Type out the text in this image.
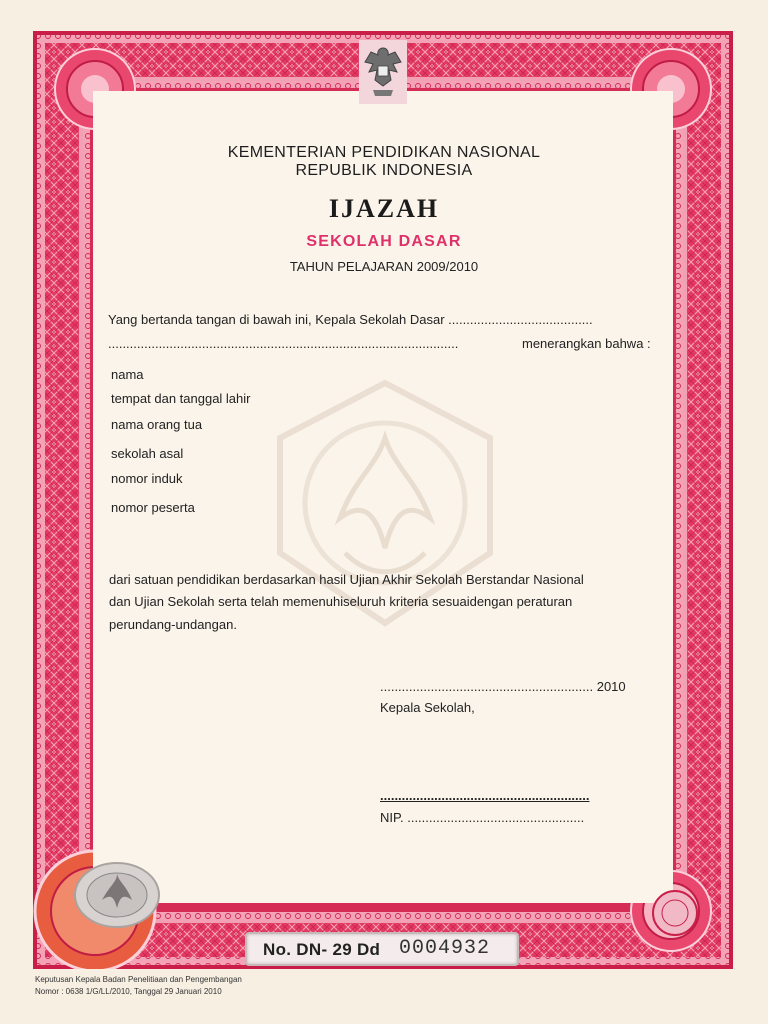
KEMENTERIAN PENDIDIKAN NASIONAL
REPUBLIK INDONESIA
IJAZAH
SEKOLAH DASAR
TAHUN PELAJARAN 2009/2010
Yang bertanda tangan di bawah ini, Kepala Sekolah Dasar ........................................
.................................................................................................	menerangkan bahwa :
nama
tempat dan tanggal lahir
nama orang tua
sekolah asal
nomor induk
nomor peserta
dari satuan pendidikan berdasarkan hasil Ujian Akhir Sekolah Berstandar Nasional
dan Ujian Sekolah serta telah memenuhiseluruh kriteria sesuaidengan peraturan
perundang-undangan.
........................................................... 2010
Kepala Sekolah,
..........................................................
NIP. .................................................
No. DN- 29 Dd 0004932
Keputusan Kepala Badan Penelitiaan dan Pengembangan
Nomor : 0638 1/G/LL/2010, Tanggal 29 Januari 2010
